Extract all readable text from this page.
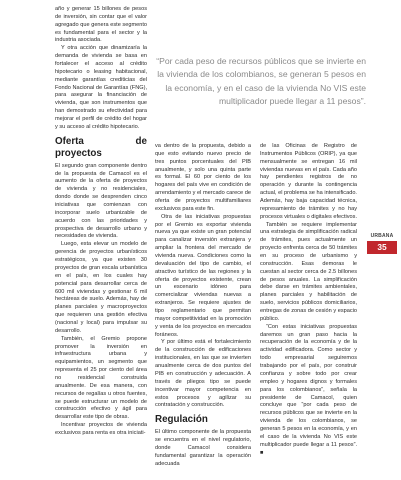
año y generar 15 billones de pesos de inversión, sin contar que el valor agregado que genera este segmento es fundamental para el sector y la industria asociada.

Y otra acción que dinamizaría la demanda de vivienda se basa en fortalecer el acceso al crédito hipotecario o leasing habitacional, mediante garantías crediticias del Fondo Nacional de Garantías (FNG), para asegurar la financiación de vivienda, que son instrumentos que han demostrado su efectividad para mejorar el perfil de crédito del hogar y su acceso al crédito hipotecario.

Oferta de proyectos

El segundo gran componente dentro de la propuesta de Camacol es el aumento de la oferta de proyectos de vivienda y no residenciales, dondo donde se desprenden cinco iniciativas que comienzan con incorporar suelo urbanizable de acuerdo con las prioridades y prospectiva de desarrollo urbano y necesidades de vivienda.

Luego, esta elevar un modelo de gerencia de proyectos urbanísticos estratégicos, ya que existen 30 proyectos de gran escala urbanística en el país, en los cuales hay potencial para desarrollar cerca de 600 mil viviendas y gestionar 6 mil hectáreas de suelo. Además, hay de planes parciales y macroproyectos que requieren una gestión efectiva (nacional y local) para impulsar su desarrollo.

También, el Gremio propone promover la inversión en infraestructura urbana y equipamientos, un segmento que representa el 25 por ciento del área no residencial construida anualmente. De esa manera, con recursos de regalías u otros fuentes, se puede estructurar un modelo de construcción efectivo y ágil para desarrollar este tipo de obras.

Incentivar proyectos de vivienda exclusivos para renta es otra iniciati-

“Por cada peso de recursos públicos que se invierte en la vivienda de los colombianos, se generan 5 pesos en la economía, y en el caso de la vivienda No VIS este multiplicador puede llegar a 11 pesos”.

va dentro de la propuesta, debido a que esto evitando nuevo precio de tres puntos porcentuales del PIB anualmente, y solo una quinta parte es formal. El 60 por ciento de los hogares del país vive en condición de arrendamiento y el mercado carece de oferta de proyectos multifamiliares exclusivos para este fin.

Otra de las iniciativas propuestas por el Gremio es exportar vivienda nueva ya que existe un gran potencial para canalizar inversión extranjera y ampliar la frontera del mercado de vivienda nueva. Condiciones como la devaluación del tipo de cambio, el atractivo turístico de las regiones y la oferta de proyectos existente, crean un escenario idóneo para comercializar viviendas nuevas a extranjeros. Se requiere ajustes de tipo reglamentario que permitan mayor competitividad en la promoción y venta de los proyectos en mercados foráneos.

Y por último está el fortalecimiento de la construcción de edificaciones institucionales, en las que se invierten anualmente cerca de dos puntos del PIB en construcción y adecuación. A través de pliegos tipo se puede incentivar mayor competencia en estos procesos y agilizar su contratación y construcción.

Regulación

El último componente de la propuesta se encuentra en el nivel regulatorio, donde Camacol considera fundamental garantizar la operación adecuada

de las Oficinas de Registro de Instrumentos Públicos (ORIP), ya que mensualmente se entregan 16 mil viviendas nuevas en el país. Cada año hay pendientes registros de no operación y durante la contingencia actual, el problema se ha intensificado. Además, hay baja capacidad técnica, represamiento de trámites y no hay procesos virtuales o digitales efectivos.

También se requiere implementar una estrategia de simplificación radical de trámites, pues actualmente un proyecto enfrenta cerca de 50 trámites en su proceso de urbanismo y construcción. Esas demoras le cuestan al sector cerca de 2.5 billones de pesos anuales. La simplificación debe darse en trámites ambientales, planes parciales y habilitación de suelo, servicios públicos domiciliarios, entregas de zonas de cesión y espacio público.

“Con estas iniciativas propuestas daremos un gran paso hacia la recuperación de la economía y de la actividad edificadora. Como sector y todo empresarial seguiremos trabajando por el país, por construir confianza y sobre todo por crear empleo y hogares dignos y formales para los colombianos”, señala la presidente de Camacol, quien concluye que “por cada peso de recursos públicos que se invierte en la vivienda de los colombianos, se generan 5 pesos en la economía, y en el caso de la vivienda No VIS este multiplicador puede llegar a 11 pesos”. ■

URBANA
35
